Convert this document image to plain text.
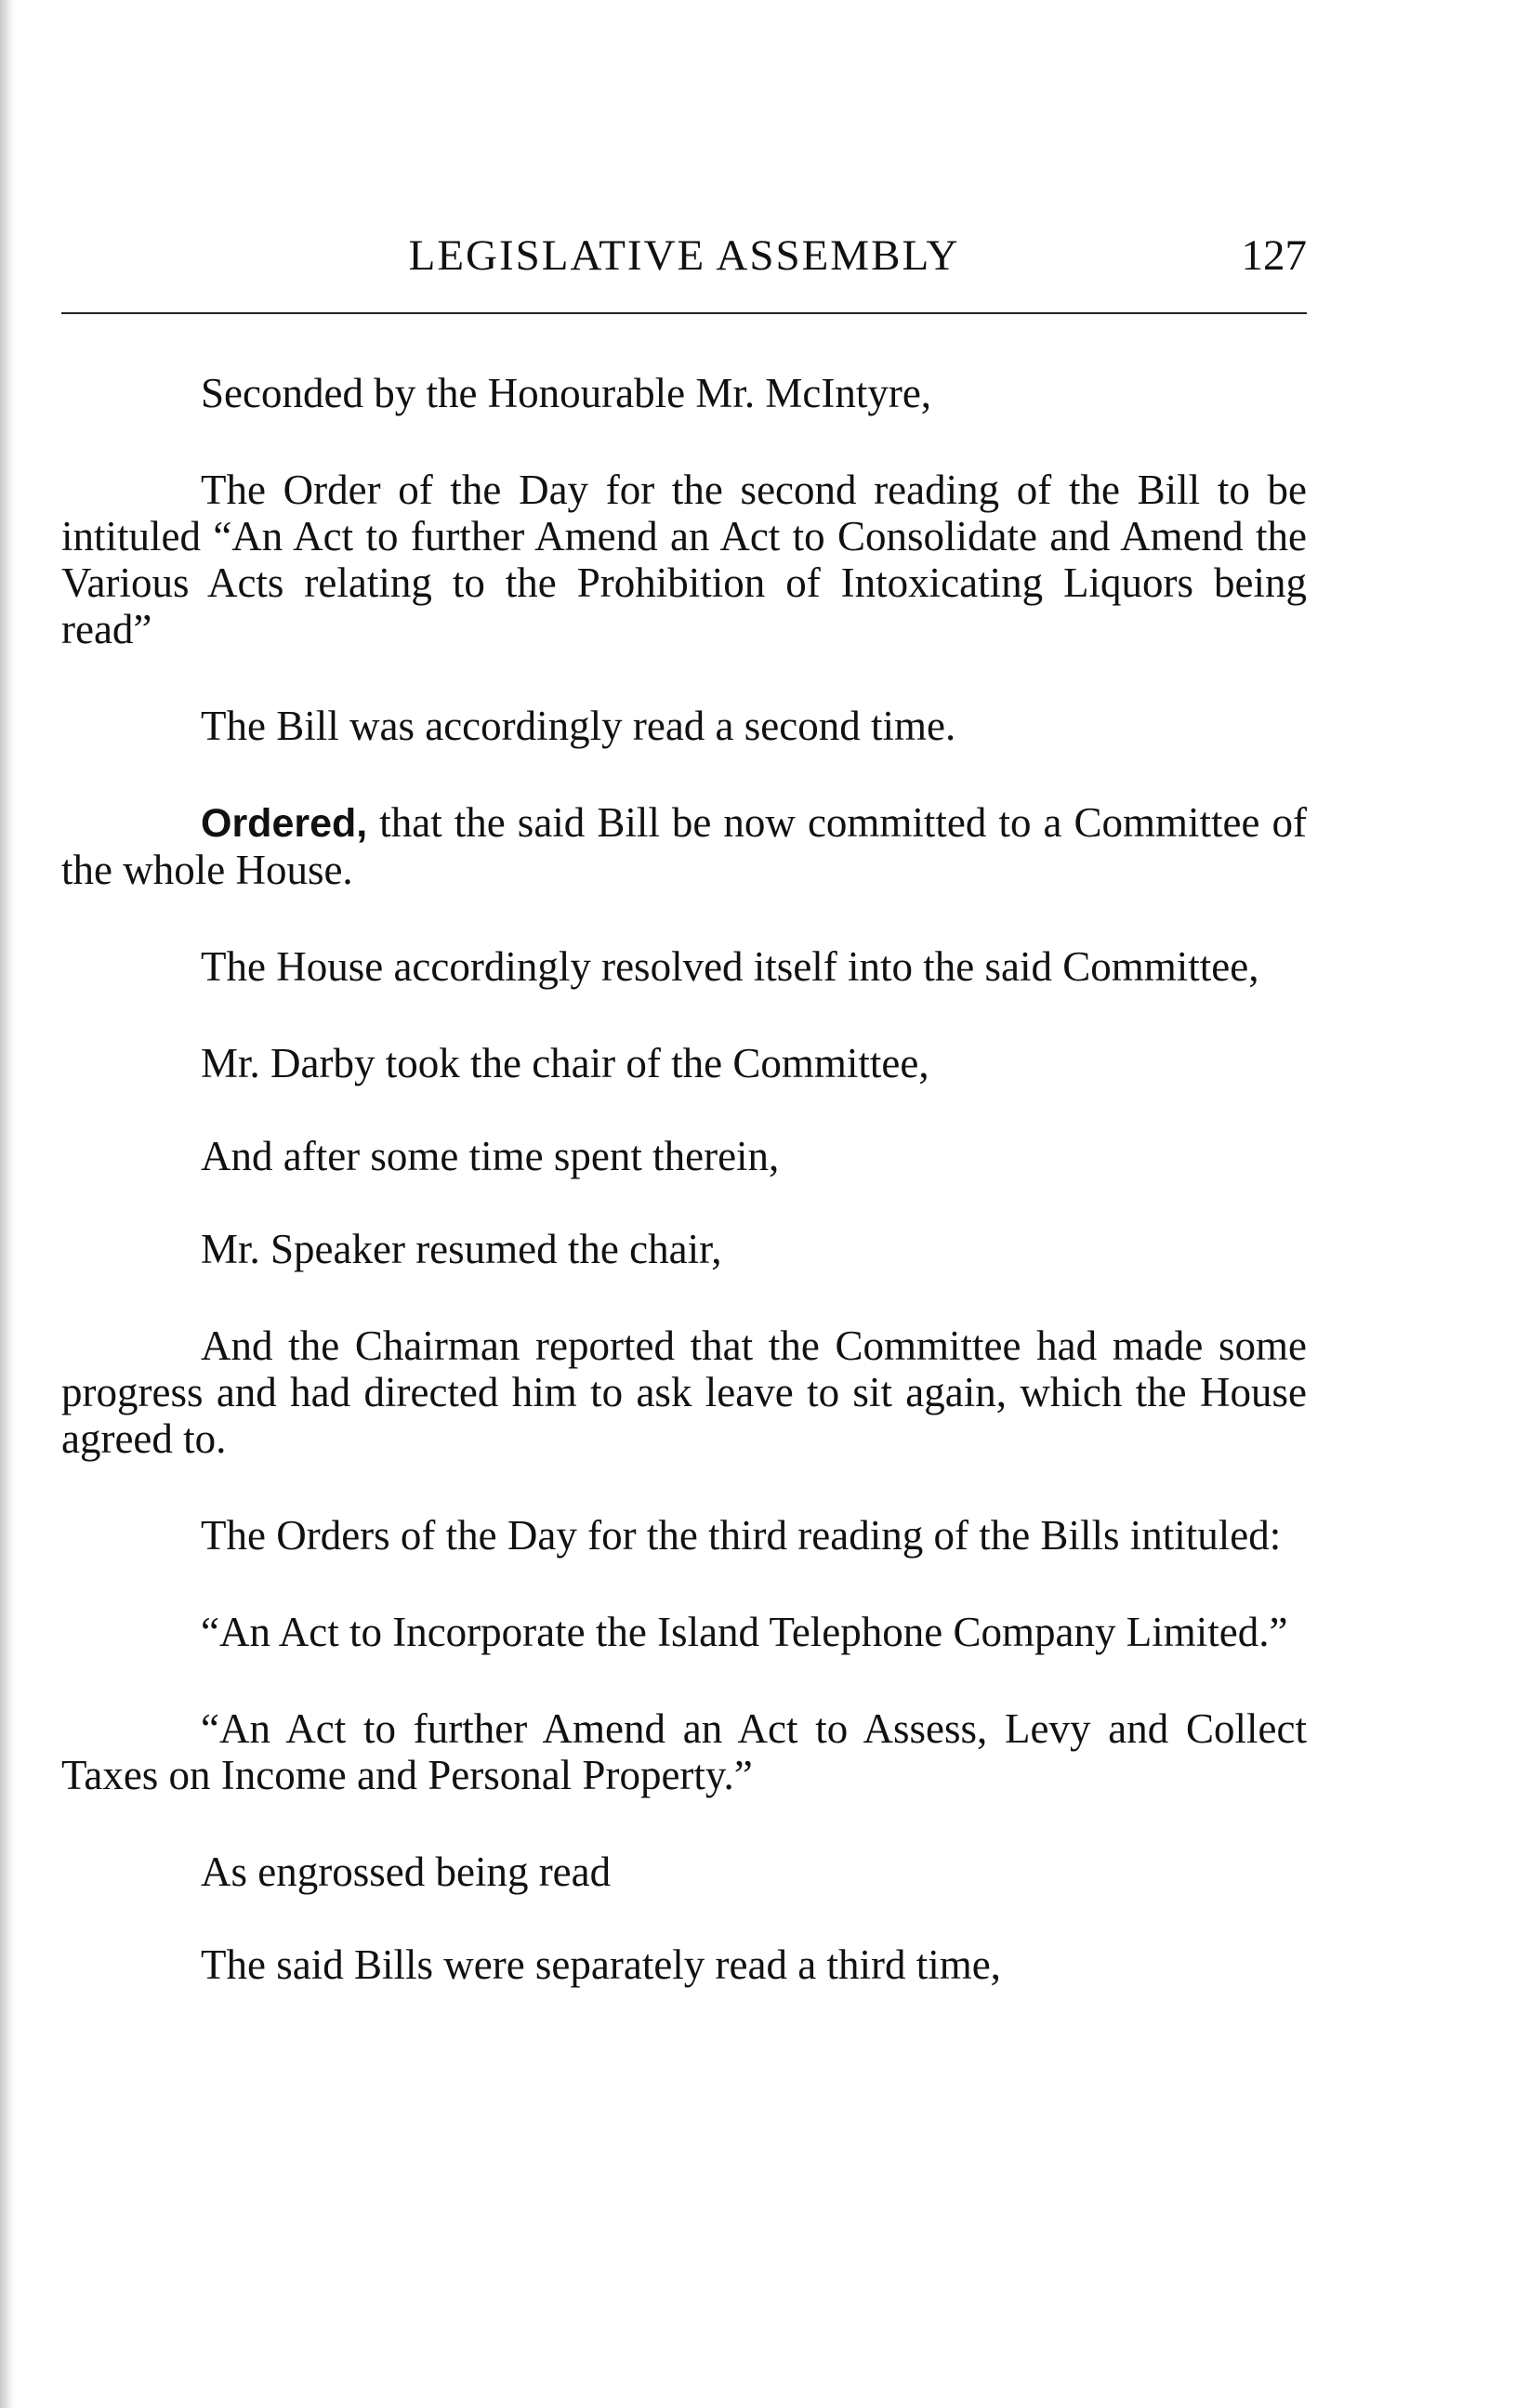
LEGISLATIVE ASSEMBLY	127

Seconded by the Honourable Mr. McIntyre,

The Order of the Day for the second reading of the Bill to be intituled “An Act to further Amend an Act to Consolidate and Amend the Various Acts relating to the Prohibition of Intoxicating Liquors being read”

The Bill was accordingly read a second time.

Ordered, that the said Bill be now committed to a Committee of the whole House.

The House accordingly resolved itself into the said Committee,

Mr. Darby took the chair of the Committee,

And after some time spent therein,

Mr. Speaker resumed the chair,

And the Chairman reported that the Committee had made some progress and had directed him to ask leave to sit again, which the House agreed to.

The Orders of the Day for the third reading of the Bills intituled:

“An Act to Incorporate the Island Telephone Company Limited.”

“An Act to further Amend an Act to Assess, Levy and Collect Taxes on Income and Personal Property.”

As engrossed being read

The said Bills were separately read a third time,
